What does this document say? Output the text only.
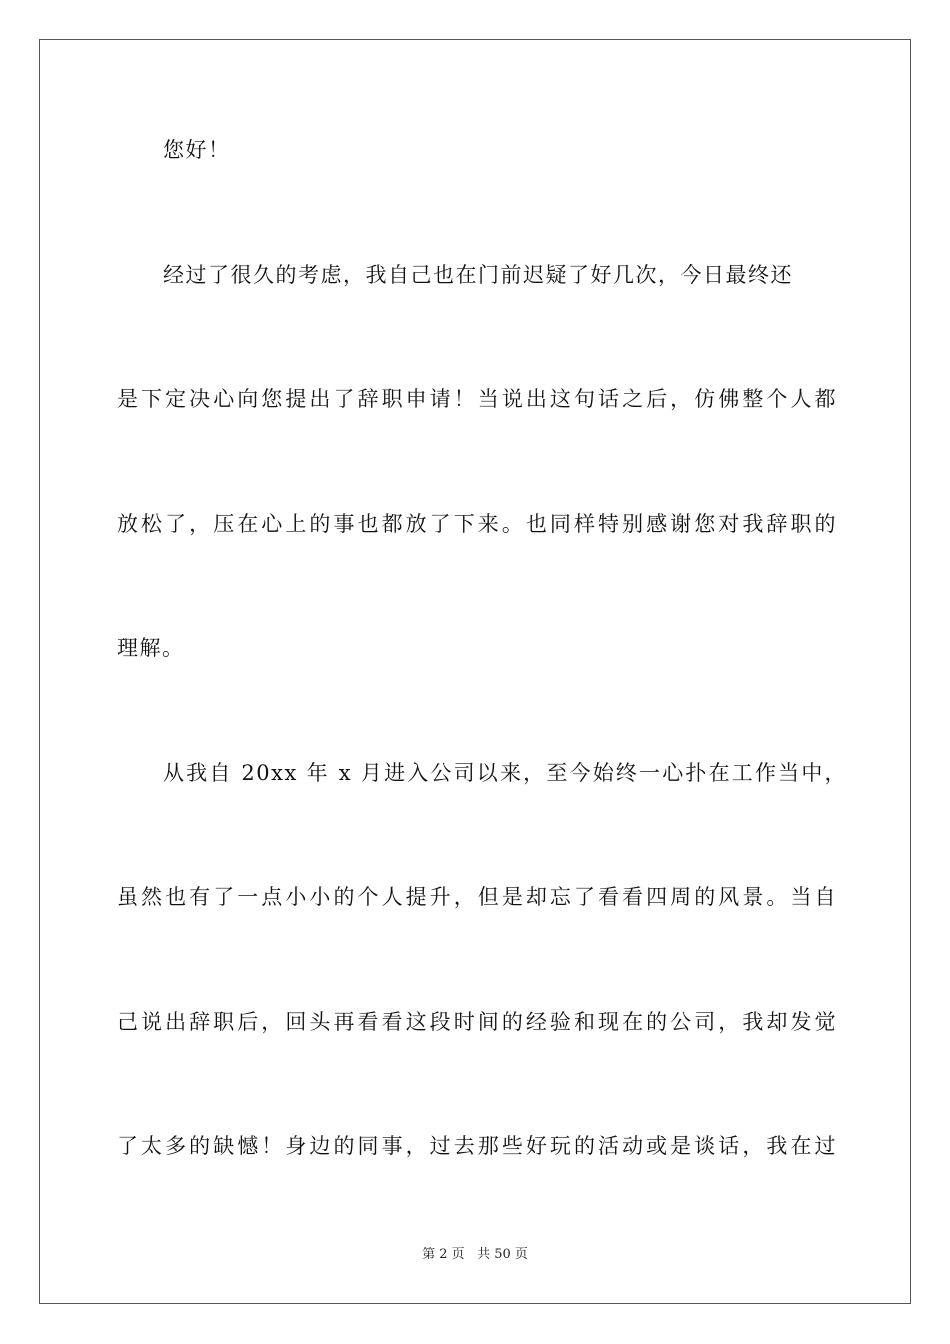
您好！
经过了很久的考虑，我自己也在门前迟疑了好几次，今日最终还
是下定决心向您提出了辞职申请！当说出这句话之后，仿佛整个人都
放松了，压在心上的事也都放了下来。也同样特别感谢您对我辞职的
理解。
从我自 20xx 年 x 月进入公司以来，至今始终一心扑在工作当中，
虽然也有了一点小小的个人提升，但是却忘了看看四周的风景。当自
己说出辞职后，回头再看看这段时间的经验和现在的公司，我却发觉
了太多的缺憾！身边的同事，过去那些好玩的活动或是谈话，我在过
第 2 页 共 50 页
